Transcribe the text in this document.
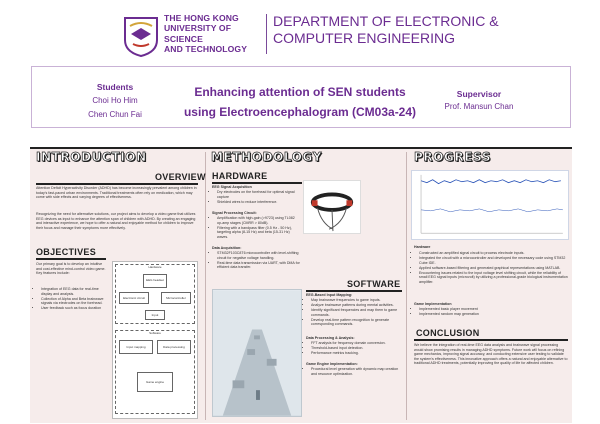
THE HONG KONG
UNIVERSITY OF SCIENCE
AND TECHNOLOGY
DEPARTMENT OF ELECTRONIC &
COMPUTER ENGINEERING
Students
Choi Ho Him
Chen Chun Fai
Enhancing attention of SEN students
using Electroencephalogram (CM03a-24)
Supervisor
Prof. Mansun Chan
INTRODUCTION
OVERVIEW
Attention Deficit Hyperactivity Disorder (ADHD) has become increasingly prevalent among children in today's fast-paced urban environments. Traditional treatments often rely on medication, which may come with side effects and varying degrees of effectiveness.
Recognizing the need for alternative solutions, our project aims to develop a video game that utilizes EEG devices as input to enhance the attention span of children with ADHD. By creating an engaging and interactive experience, we hope to offer a natural and enjoyable method for children to improve their focus and manage their symptoms more effectively.
OBJECTIVES
Our primary goal is to develop an intuitive and cost-effective mind-control video game. Key features include:
• Integration of EEG data for real-time display and analysis.
• Collection of Alpha and Beta brainwave signals via electrodes on the forehead.
• User feedback such as focus duration
Hardware
EEG headset
Electronic circuit	Microcontroller
Input
Software
Input mapping	Data processing
Game engine
METHODOLOGY
HARDWARE
EEG Signal Acquisition
• Dry electrodes on the forehead for optimal signal capture
• Shielded wires to reduce interference.
Signal Processing Circuit:
• Amplification with high-gain (>9723) using TL082 op-amp stages (CMRR > 80dB).
• Filtering with a bandpass filter (0.5 Hz - 50 Hz), targeting alpha (8-15 Hz) and beta (15-31 Hz) waves.
Data Acquisition:
• STM32F103C8T6 microcontroller with level-shifting circuit for negative voltage handling.
• Real-time data transmission via UART, with DMA for efficient data transfer.
SOFTWARE
EEG-Based Input Mapping:
• Map brainwave frequencies to game inputs.
• Analyze brainwave patterns during mental activities.
• Identify significant frequencies and map them to game commands.
• Develop real-time pattern recognition to generate corresponding commands.
Data Processing & Analysis:
• FFT analysis for frequency domain conversion.
• Threshold-based input detection.
• Performance metrics tracking.
Game Engine Implementation:
• Procedural level generation with dynamic map creation and resource optimization.
PROGRESS
Hardware
• Constructed an amplified signal circuit to process electrode inputs.
• Integrated the circuit with a microcontroller and developed the necessary code using STM32 Cube IDE.
• Applied software-based filtering and generated graphical representations using MATLAB.
• Encountering issues related to the input voltage level shifting circuit, while the reliability of small EEG signal inputs (microvolt) by utilizing a professional-grade biological instrumentation amplifier.
Game Implementation
• Implemented basic player movement
• Implemented random map generation
CONCLUSION
We believe the integration of real-time EEG data analysis and brainwave signal processing would show promising results in managing ADHD symptoms. Future work will focus on refining game mechanics, improving signal accuracy, and conducting extensive user testing to validate the system's effectiveness. This innovative approach offers a natural and enjoyable alternative to traditional ADHD treatments, potentially improving the quality of life for affected children.
